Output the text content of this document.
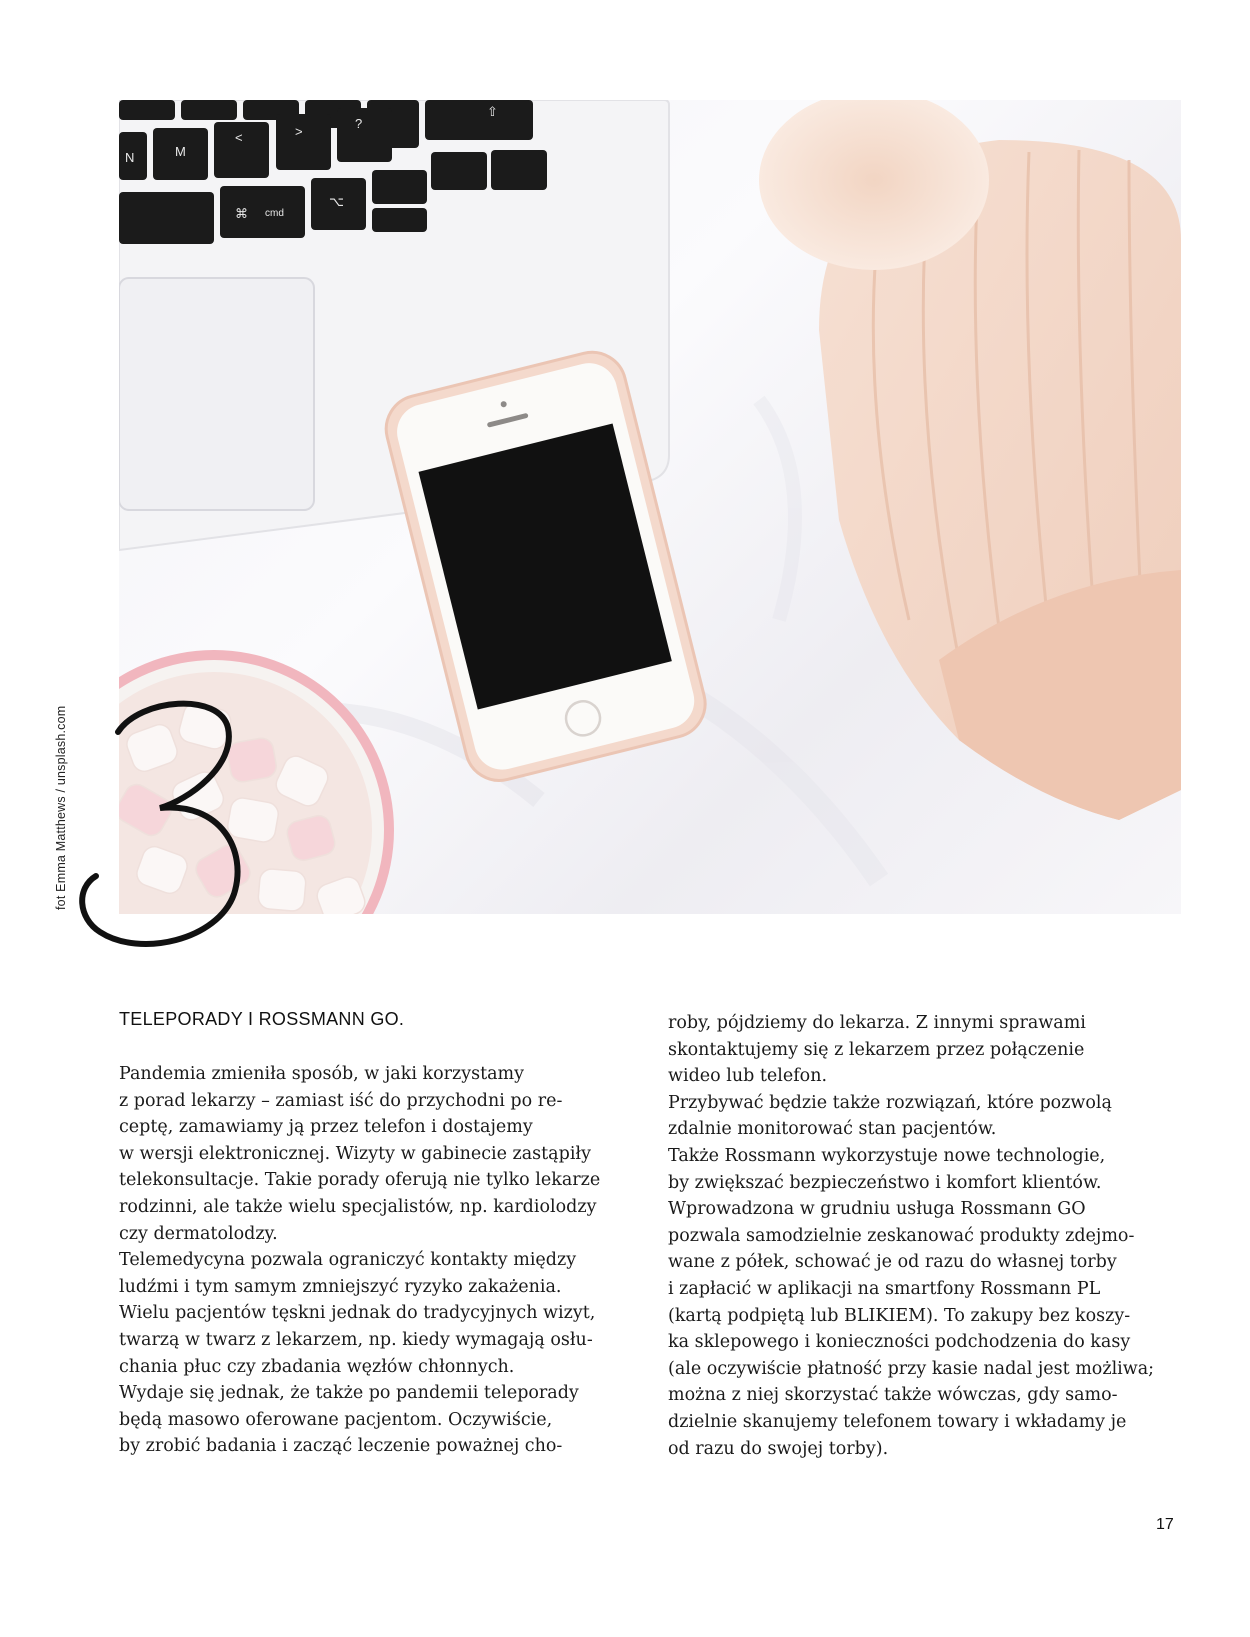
N	M
<	>
?
⇧
⌘ cmd
⌥
fot Emma Matthews / unsplash.com
3
TELEPORADY I ROSSMANN GO.

Pandemia zmieniła sposób, w jaki korzystamy

z porad lekarzy – zamiast iść do przychodni po re-

ceptę, zamawiamy ją przez telefon i dostajemy

w wersji elektronicznej. Wizyty w gabinecie zastąpiły

telekonsultacje. Takie porady oferują nie tylko lekarze

rodzinni, ale także wielu specjalistów, np. kardiolodzy

czy dermatolodzy.

Telemedycyna pozwala ograniczyć kontakty między

ludźmi i tym samym zmniejszyć ryzyko zakażenia.

Wielu pacjentów tęskni jednak do tradycyjnych wizyt,

twarzą w twarz z lekarzem, np. kiedy wymagają osłu-

chania płuc czy zbadania węzłów chłonnych.

Wydaje się jednak, że także po pandemii teleporady

będą masowo oferowane pacjentom. Oczywiście,

by zrobić badania i zacząć leczenie poważnej cho-

roby, pójdziemy do lekarza. Z innymi sprawami

skontaktujemy się z lekarzem przez połączenie

wideo lub telefon.

Przybywać będzie także rozwiązań, które pozwolą

zdalnie monitorować stan pacjentów.

Także Rossmann wykorzystuje nowe technologie,

by zwiększać bezpieczeństwo i komfort klientów.

Wprowadzona w grudniu usługa Rossmann GO

pozwala samodzielnie zeskanować produkty zdejmo-

wane z półek, schować je od razu do własnej torby

i zapłacić w aplikacji na smartfony Rossmann PL

(kartą podpiętą lub BLIKIEM). To zakupy bez koszy-

ka sklepowego i konieczności podchodzenia do kasy

(ale oczywiście płatność przy kasie nadal jest możliwa;

można z niej skorzystać także wówczas, gdy samo-

dzielnie skanujemy telefonem towary i wkładamy je

od razu do swojej torby).

17
